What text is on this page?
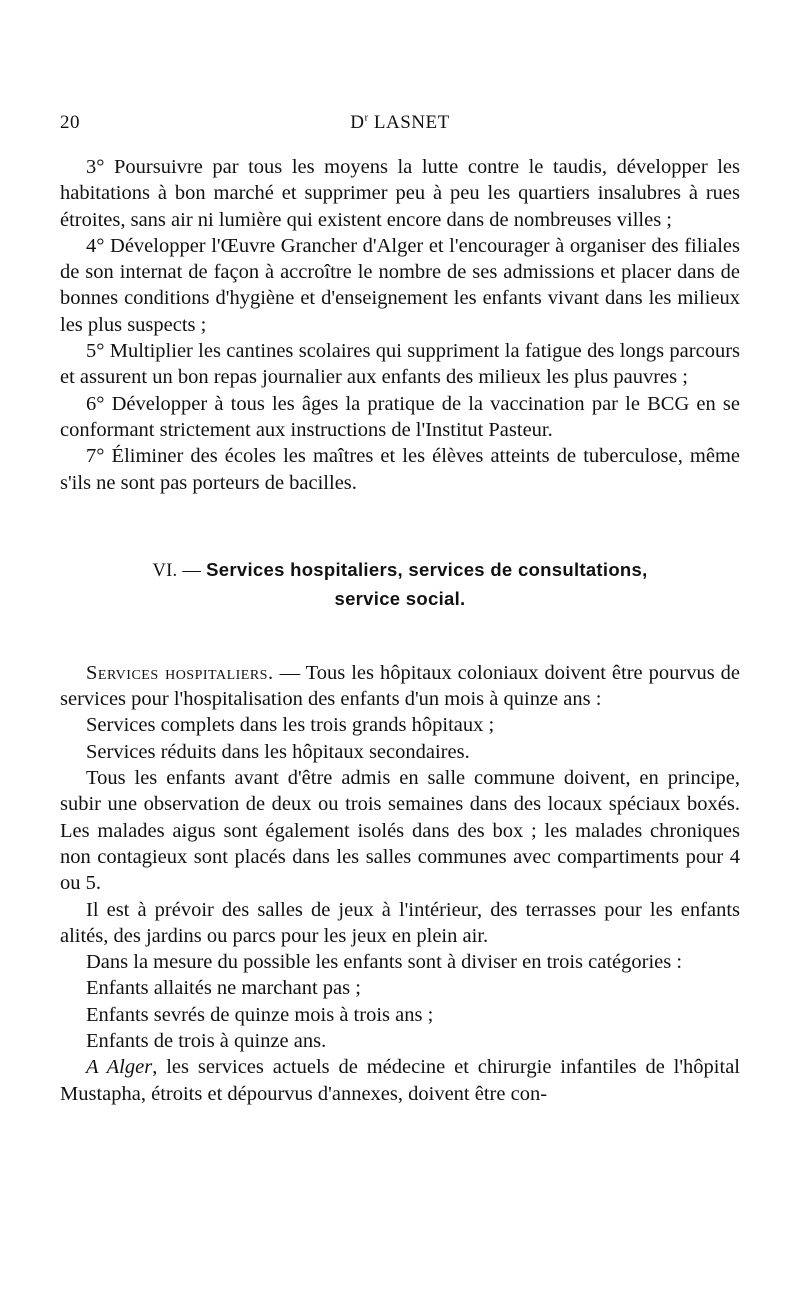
20	$D^r$ LASNET

3° Poursuivre par tous les moyens la lutte contre le taudis, développer les habitations à bon marché et supprimer peu à peu les quartiers insalubres à rues étroites, sans air ni lumière qui existent encore dans de nombreuses villes ;

4° Développer l'Œuvre Grancher d'Alger et l'encourager à organiser des filiales de son internat de façon à accroître le nombre de ses admissions et placer dans de bonnes conditions d'hygiène et d'enseignement les enfants vivant dans les milieux les plus suspects ;

5° Multiplier les cantines scolaires qui suppriment la fatigue des longs parcours et assurent un bon repas journalier aux enfants des milieux les plus pauvres ;

6° Développer à tous les âges la pratique de la vaccination par le BCG en se conformant strictement aux instructions de l'Institut Pasteur.

7° Éliminer des écoles les maîtres et les élèves atteints de tuberculose, même s'ils ne sont pas porteurs de bacilles.

VI. — Services hospitaliers, services de consultations,
service social.

Services hospitaliers. — Tous les hôpitaux coloniaux doivent être pourvus de services pour l'hospitalisation des enfants d'un mois à quinze ans :

Services complets dans les trois grands hôpitaux ;

Services réduits dans les hôpitaux secondaires.

Tous les enfants avant d'être admis en salle commune doivent, en principe, subir une observation de deux ou trois semaines dans des locaux spéciaux boxés. Les malades aigus sont également isolés dans des box ; les malades chroniques non contagieux sont placés dans les salles communes avec compartiments pour 4 ou 5.

Il est à prévoir des salles de jeux à l'intérieur, des terrasses pour les enfants alités, des jardins ou parcs pour les jeux en plein air.

Dans la mesure du possible les enfants sont à diviser en trois catégories :

Enfants allaités ne marchant pas ;

Enfants sevrés de quinze mois à trois ans ;

Enfants de trois à quinze ans.

A Alger, les services actuels de médecine et chirurgie infantiles de l'hôpital Mustapha, étroits et dépourvus d'annexes, doivent être con-
